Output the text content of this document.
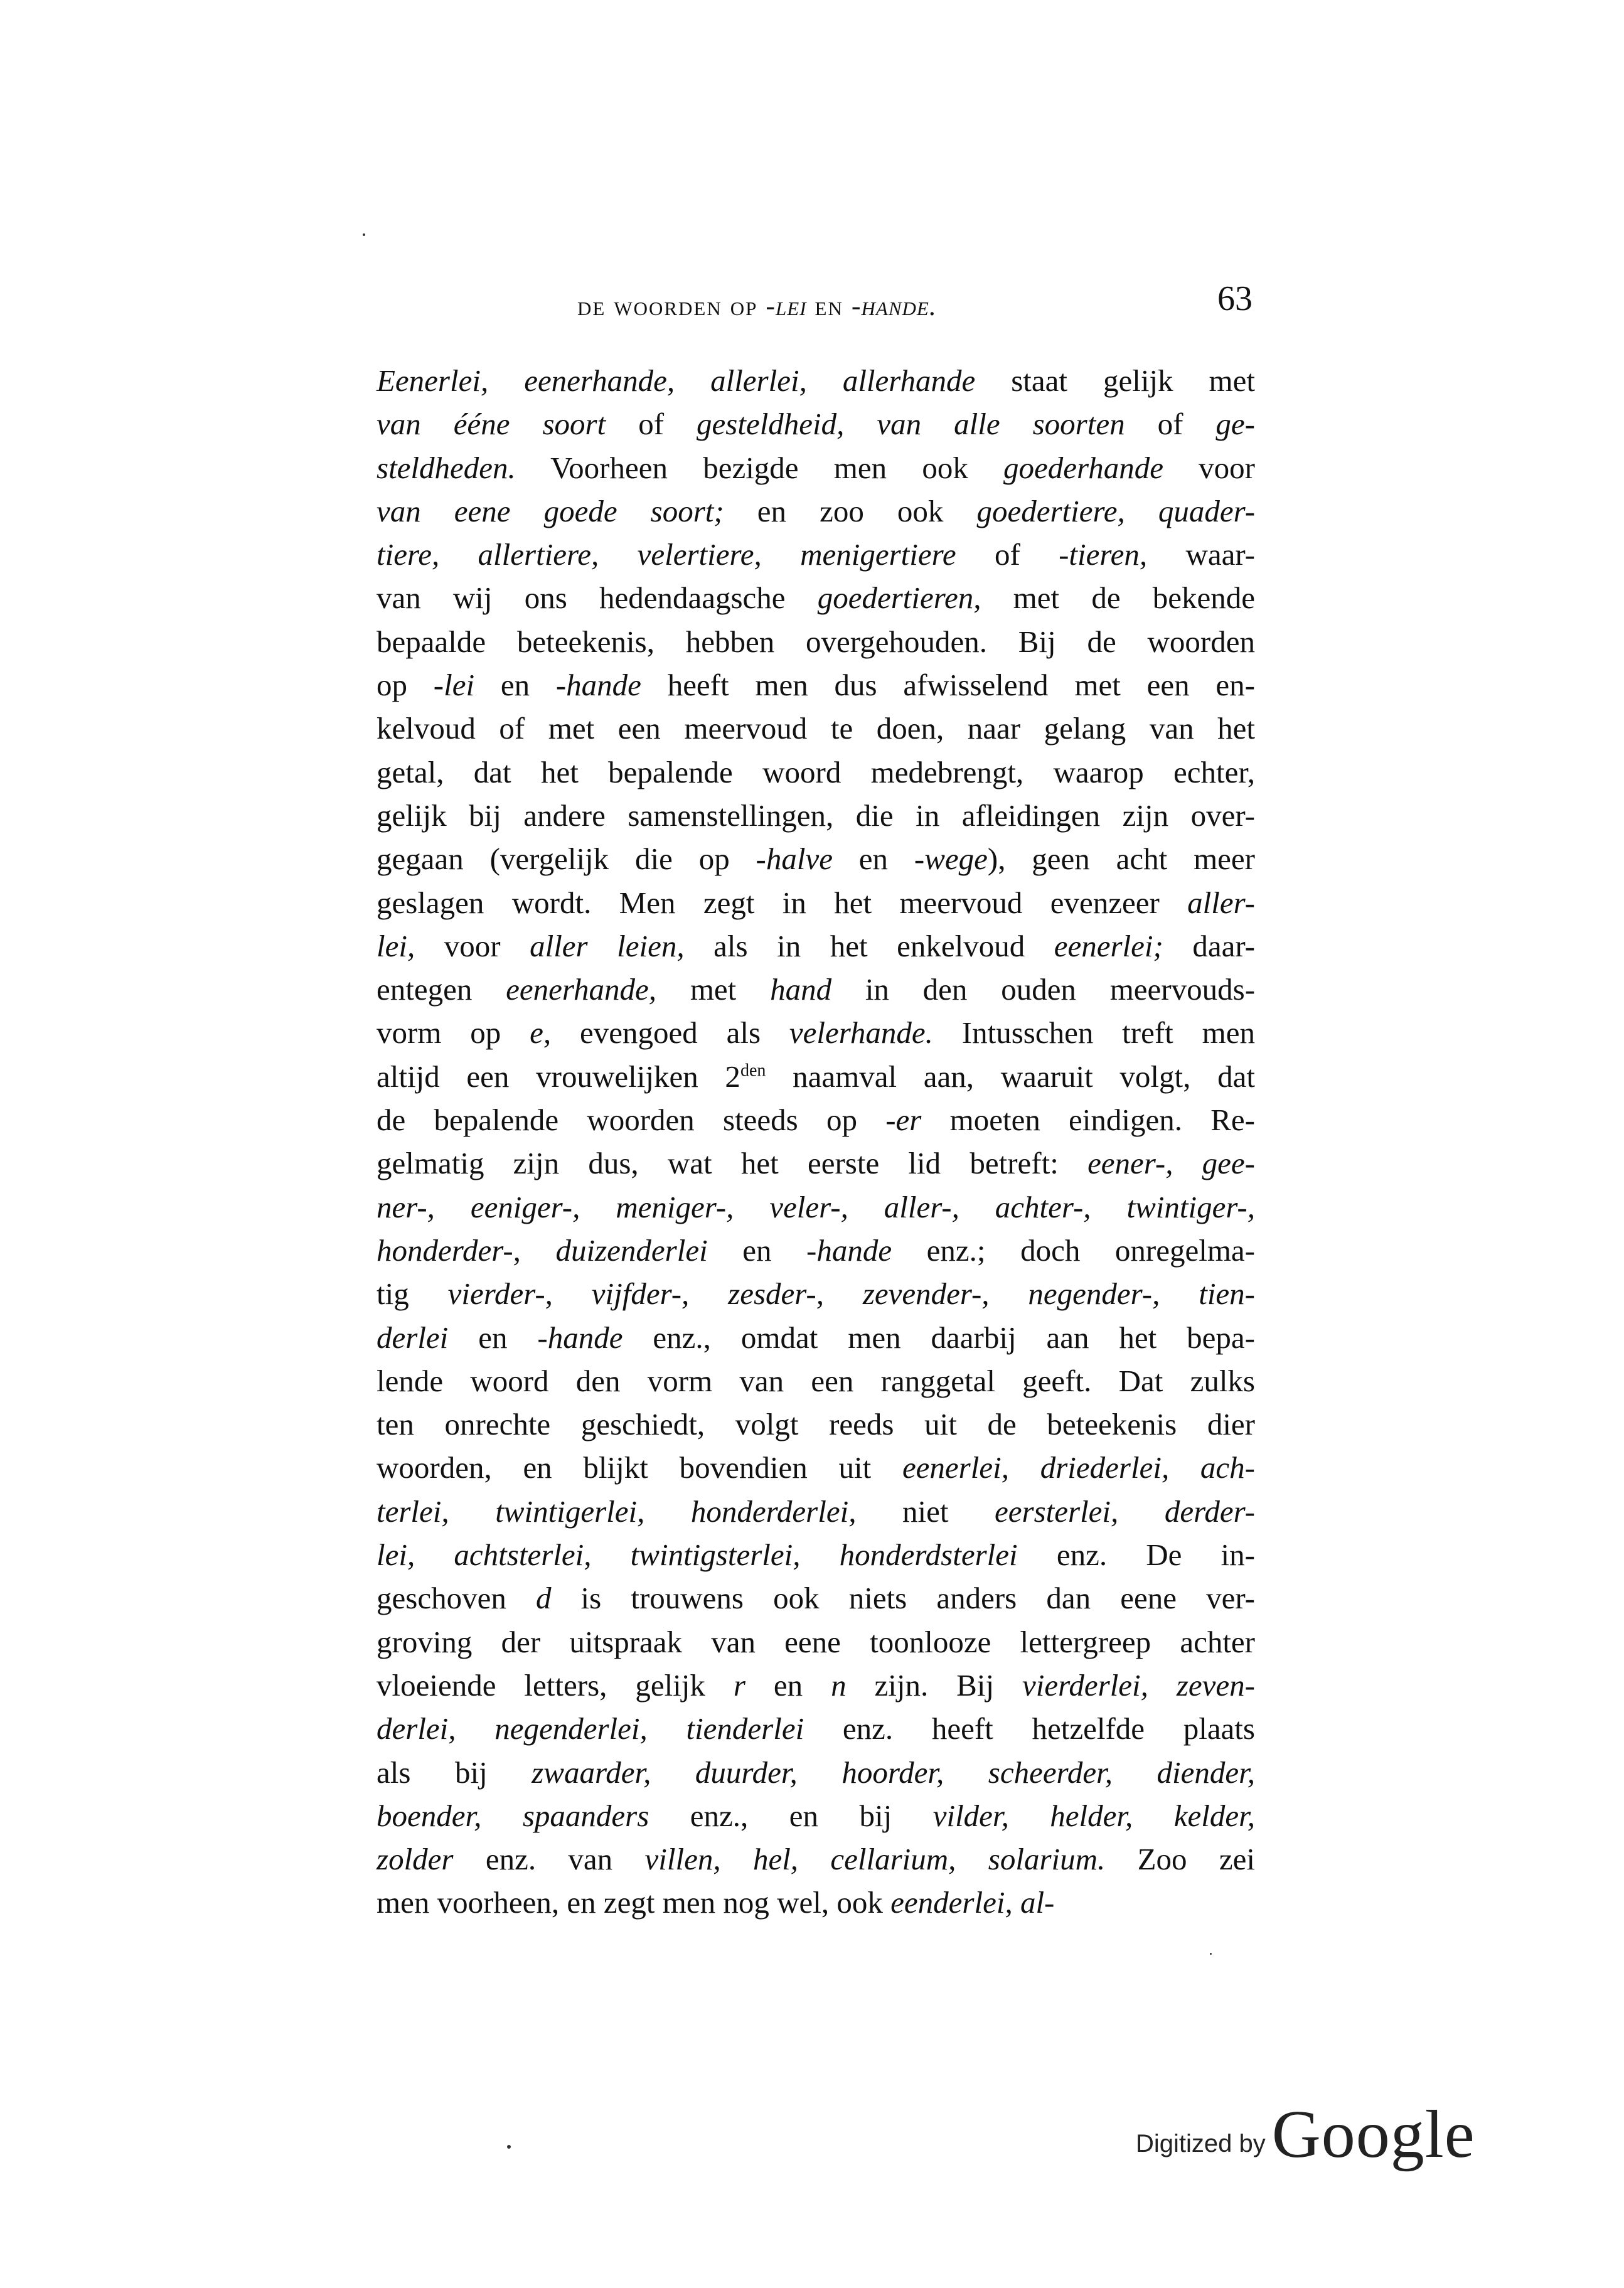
de woorden op -lei en -hande.	63
Eenerlei, eenerhande, allerlei, allerhande staat gelijk met
van ééne soort of gesteldheid, van alle soorten of ge-
steldheden. Voorheen bezigde men ook goederhande voor
van eene goede soort; en zoo ook goedertiere, quader-
tiere, allertiere, velertiere, menigertiere of -tieren, waar-
van wij ons hedendaagsche goedertieren, met de bekende
bepaalde beteekenis, hebben overgehouden. Bij de woorden
op -lei en -hande heeft men dus afwisselend met een en-
kelvoud of met een meervoud te doen, naar gelang van het
getal, dat het bepalende woord medebrengt, waarop echter,
gelijk bij andere samenstellingen, die in afleidingen zijn over-
gegaan (vergelijk die op -halve en -wege), geen acht meer
geslagen wordt. Men zegt in het meervoud evenzeer aller-
lei, voor aller leien, als in het enkelvoud eenerlei; daar-
entegen eenerhande, met hand in den ouden meervouds-
vorm op e, evengoed als velerhande. Intusschen treft men
altijd een vrouwelijken $2^{den}$ naamval aan, waaruit volgt, dat
de bepalende woorden steeds op -er moeten eindigen. Re-
gelmatig zijn dus, wat het eerste lid betreft: eener-, gee-
ner-, eeniger-, meniger-, veler-, aller-, achter-, twintiger-,
honderder-, duizenderlei en -hande enz.; doch onregelma-
tig vierder-, vijfder-, zesder-, zevender-, negender-, tien-
derlei en -hande enz., omdat men daarbij aan het bepa-
lende woord den vorm van een ranggetal geeft. Dat zulks
ten onrechte geschiedt, volgt reeds uit de beteekenis dier
woorden, en blijkt bovendien uit eenerlei, driederlei, ach-
terlei, twintigerlei, honderderlei, niet eersterlei, derder-
lei, achtsterlei, twintigsterlei, honderdsterlei enz. De in-
geschoven d is trouwens ook niets anders dan eene ver-
groving der uitspraak van eene toonlooze lettergreep achter
vloeiende letters, gelijk r en n zijn. Bij vierderlei, zeven-
derlei, negenderlei, tienderlei enz. heeft hetzelfde plaats
als bij zwaarder, duurder, hoorder, scheerder, diender,
boender, spaanders enz., en bij vilder, helder, kelder,
zolder enz. van villen, hel, cellarium, solarium. Zoo zei
men voorheen, en zegt men nog wel, ook eenderlei, al-
Digitized byGoogle
